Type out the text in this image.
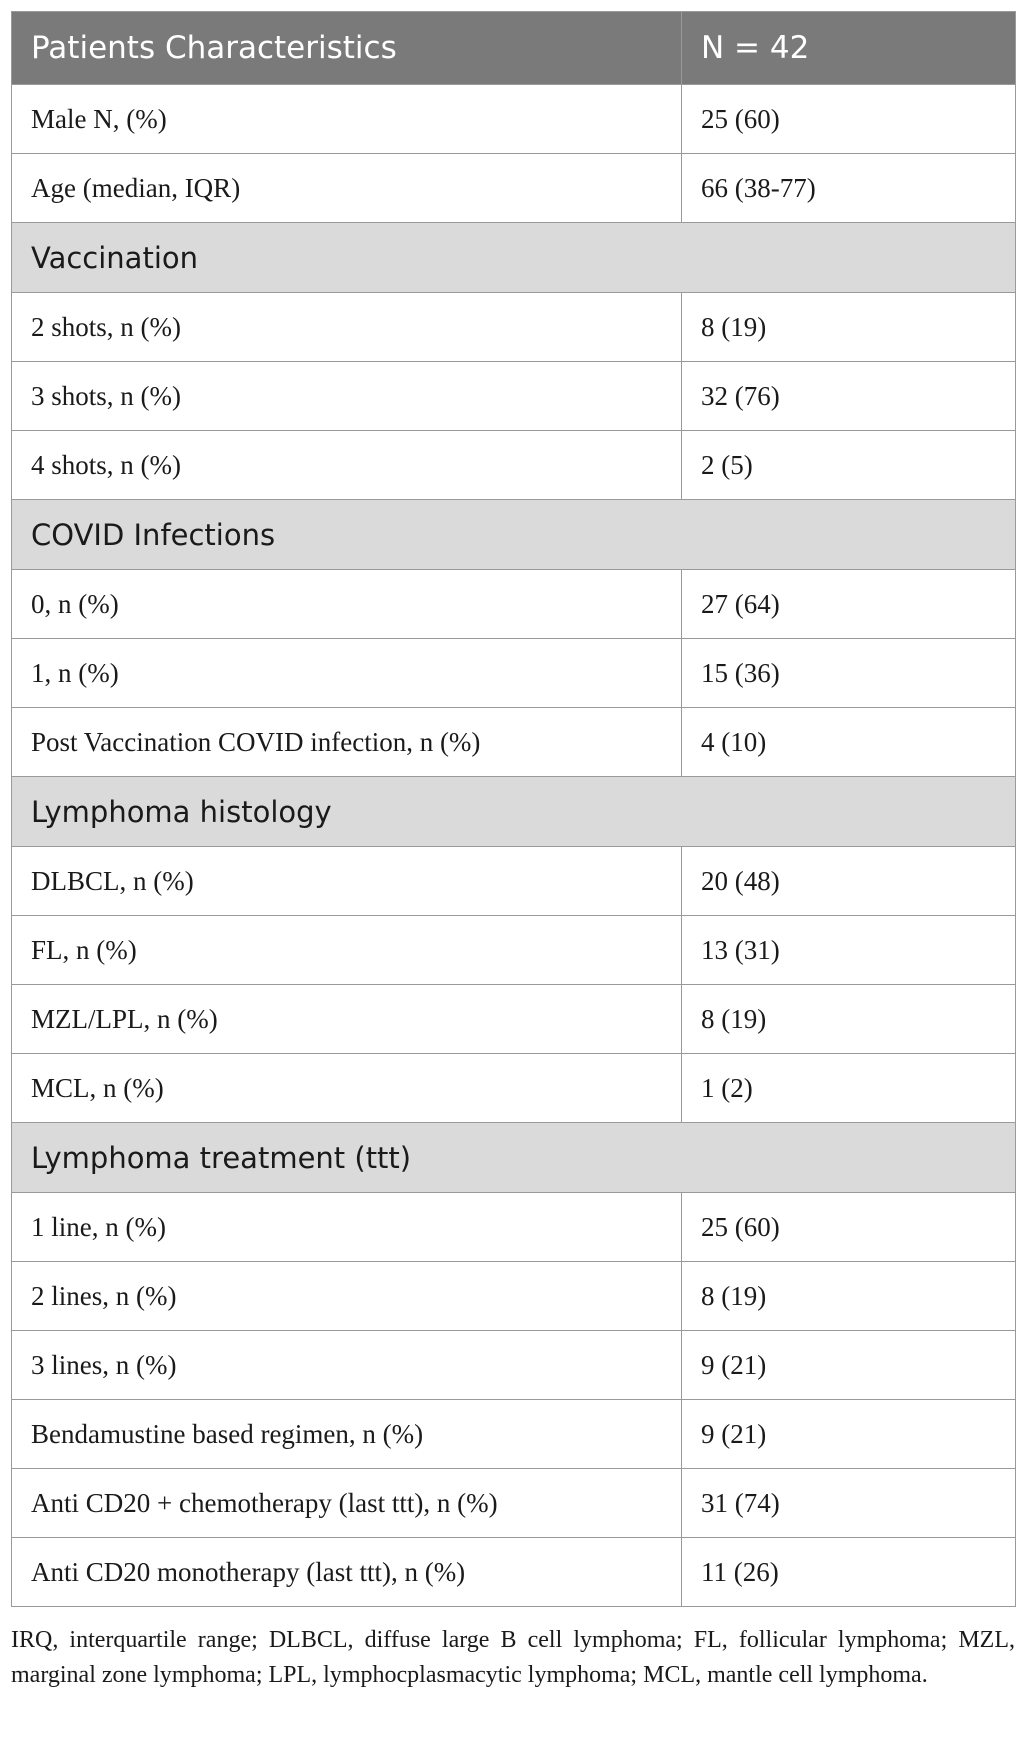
Patients Characteristics	N = 42
Male N, (%)	25 (60)
Age (median, IQR)	66 (38-77)
Vaccination	
2 shots, n (%)	8 (19)
3 shots, n (%)	32 (76)
4 shots, n (%)	2 (5)
COVID Infections	
0, n (%)	27 (64)
1, n (%)	15 (36)
Post Vaccination COVID infection, n (%)	4 (10)
Lymphoma histology	
DLBCL, n (%)	20 (48)
FL, n (%)	13 (31)
MZL/LPL, n (%)	8 (19)
MCL, n (%)	1 (2)
Lymphoma treatment (ttt)	
1 line, n (%)	25 (60)
2 lines, n (%)	8 (19)
3 lines, n (%)	9 (21)
Bendamustine based regimen, n (%)	9 (21)
Anti CD20 + chemotherapy (last ttt), n (%)	31 (74)
Anti CD20 monotherapy (last ttt), n (%)	11 (26)
IRQ, interquartile range; DLBCL, diffuse large B cell lymphoma; FL, follicular lymphoma; MZL, marginal zone lymphoma; LPL, lymphocplasmacytic lymphoma; MCL, mantle cell lymphoma.
